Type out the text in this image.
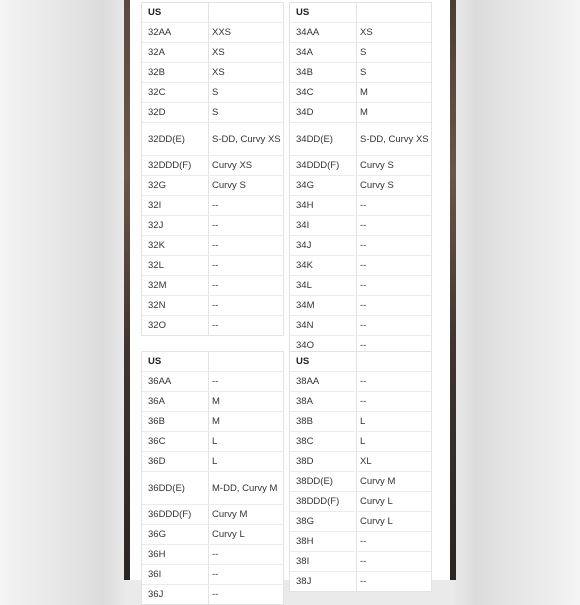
US
32AA	XXS
32A	XS
32B	XS
32C	S
32D	S
32DD(E)	S-DD, Curvy XS
32DDD(F)	Curvy XS
32G	Curvy S
32I	--
32J	--
32K	--
32L	--
32M	--
32N	--
32O	--
US
34AA	XS
34A	S
34B	S
34C	M
34D	M
34DD(E)	S-DD, Curvy XS
34DDD(F)	Curvy S
34G	Curvy S
34H	--
34I	--
34J	--
34K	--
34L	--
34M	--
34N	--
34O	--
US
36AA	--
36A	M
36B	M
36C	L
36D	L
36DD(E)	M-DD, Curvy M
36DDD(F)	Curvy M
36G	Curvy L
36H	--
36I	--
36J	--
US
38AA	--
38A	--
38B	L
38C	L
38D	XL
38DD(E)	Curvy M
38DDD(F)	Curvy L
38G	Curvy L
38H	--
38I	--
38J	--
